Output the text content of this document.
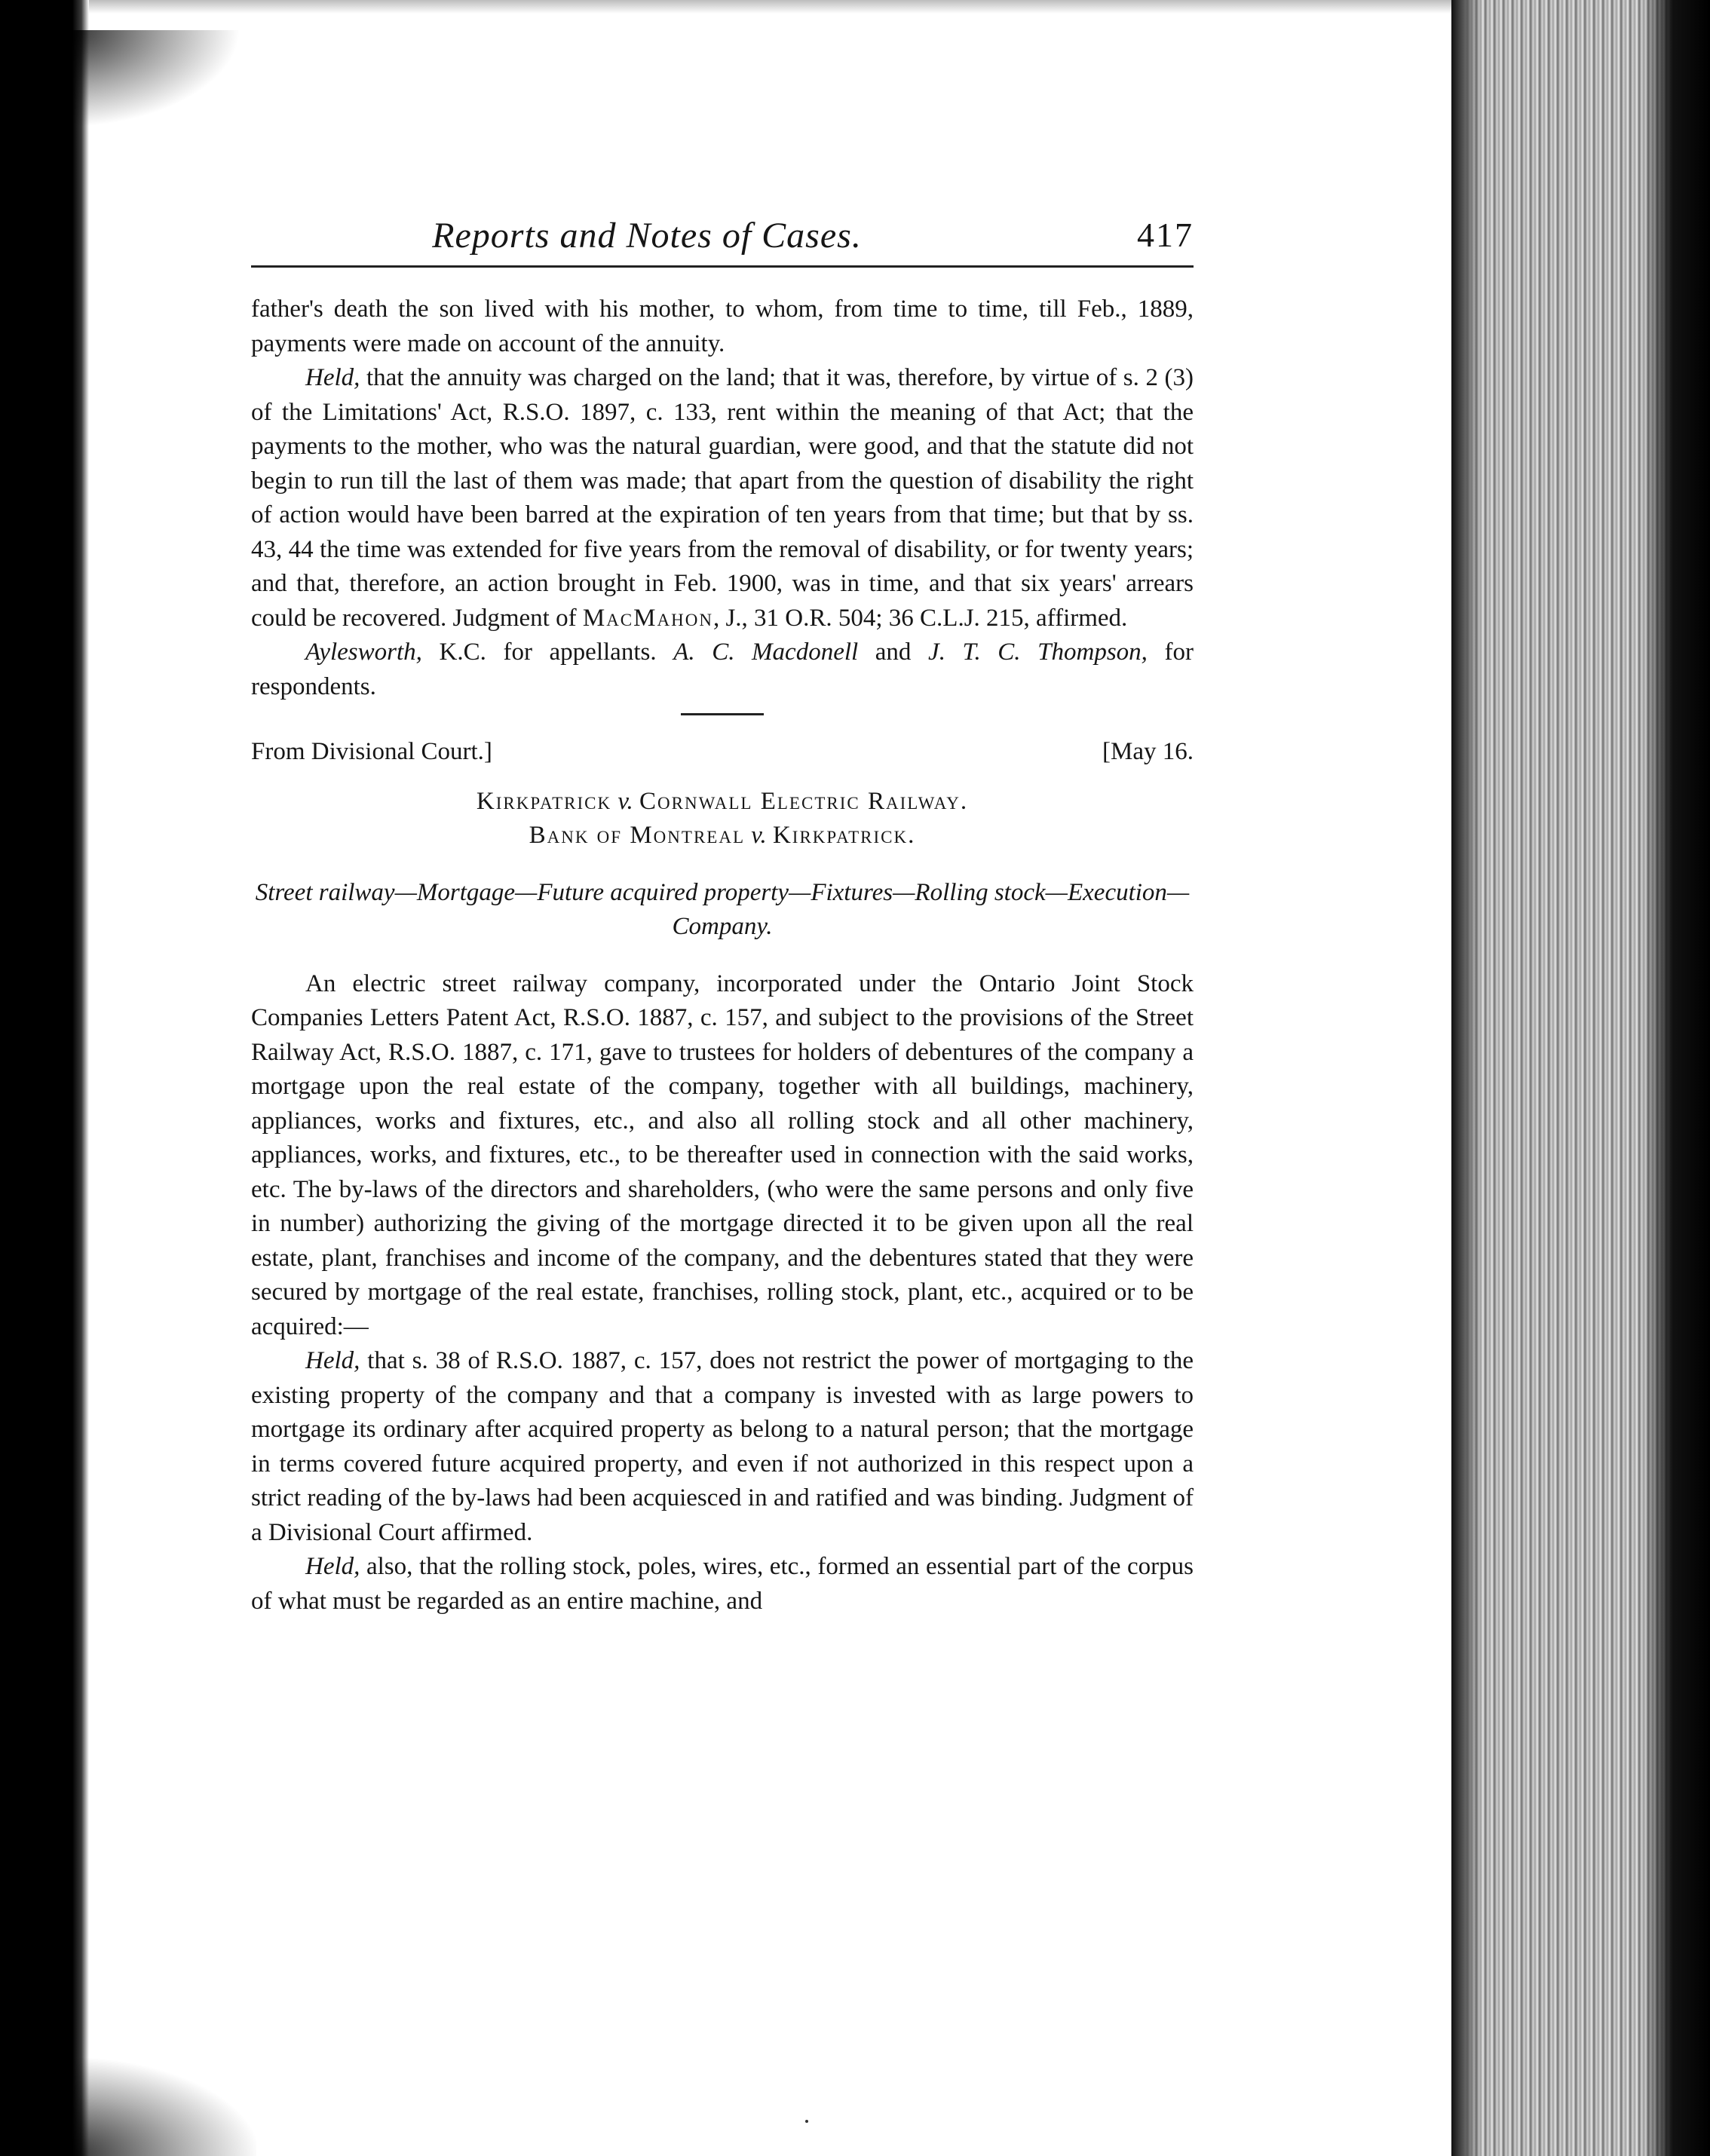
Reports and Notes of Cases.	417

father's death the son lived with his mother, to whom, from time to time, till Feb., 1889, payments were made on account of the annuity.

Held, that the annuity was charged on the land; that it was, therefore, by virtue of s. 2 (3) of the Limitations' Act, R.S.O. 1897, c. 133, rent within the meaning of that Act; that the payments to the mother, who was the natural guardian, were good, and that the statute did not begin to run till the last of them was made; that apart from the question of disability the right of action would have been barred at the expiration of ten years from that time; but that by ss. 43, 44 the time was extended for five years from the removal of disability, or for twenty years; and that, therefore, an action brought in Feb. 1900, was in time, and that six years' arrears could be recovered. Judgment of MacMahon, J., 31 O.R. 504; 36 C.L.J. 215, affirmed.

Aylesworth, K.C. for appellants. A. C. Macdonell and J. T. C. Thompson, for respondents.

From Divisional Court.]	[May 16.

Kirkpatrick v. Cornwall Electric Railway.

Bank of Montreal v. Kirkpatrick.

Street railway—Mortgage—Future acquired property—Fixtures—Rolling stock—Execution—Company.

An electric street railway company, incorporated under the Ontario Joint Stock Companies Letters Patent Act, R.S.O. 1887, c. 157, and subject to the provisions of the Street Railway Act, R.S.O. 1887, c. 171, gave to trustees for holders of debentures of the company a mortgage upon the real estate of the company, together with all buildings, machinery, appliances, works and fixtures, etc., and also all rolling stock and all other machinery, appliances, works, and fixtures, etc., to be thereafter used in connection with the said works, etc. The by-laws of the directors and shareholders, (who were the same persons and only five in number) authorizing the giving of the mortgage directed it to be given upon all the real estate, plant, franchises and income of the company, and the debentures stated that they were secured by mortgage of the real estate, franchises, rolling stock, plant, etc., acquired or to be acquired:—

Held, that s. 38 of R.S.O. 1887, c. 157, does not restrict the power of mortgaging to the existing property of the company and that a company is invested with as large powers to mortgage its ordinary after acquired property as belong to a natural person; that the mortgage in terms covered future acquired property, and even if not authorized in this respect upon a strict reading of the by-laws had been acquiesced in and ratified and was binding. Judgment of a Divisional Court affirmed.

Held, also, that the rolling stock, poles, wires, etc., formed an essential part of the corpus of what must be regarded as an entire machine, and
